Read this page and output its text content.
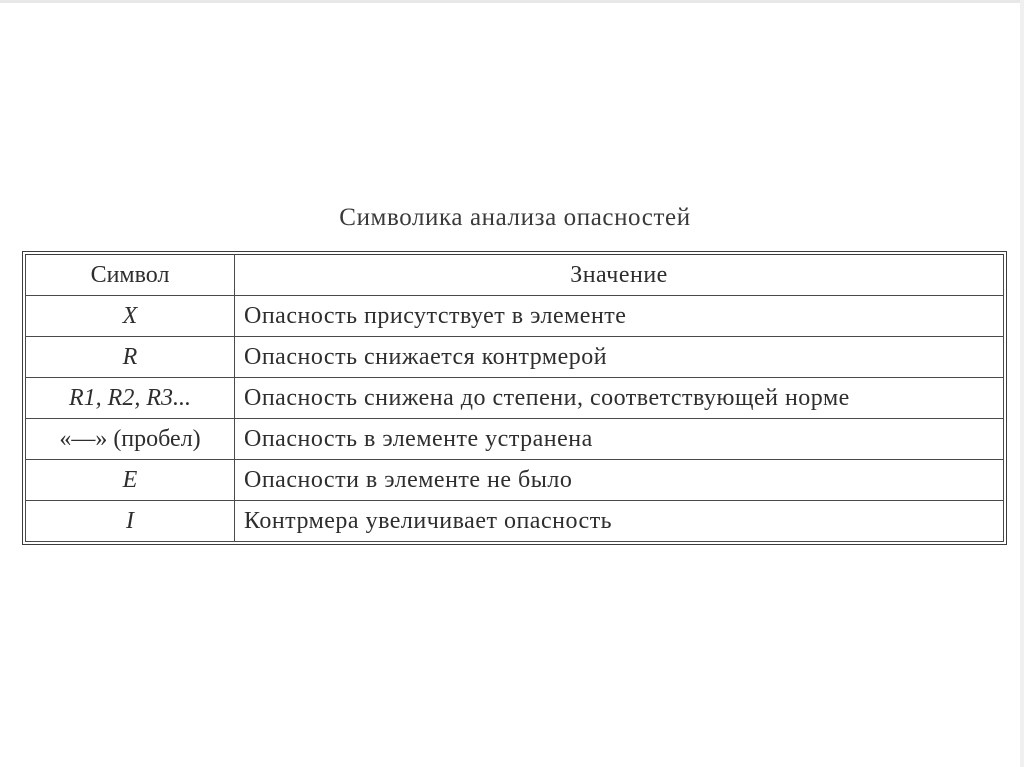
Символика анализа опасностей
Символ	Значение
X	Опасность присутствует в элементе
R	Опасность снижается контрмерой
R1, R2, R3...	Опасность снижена до степени, соответствующей норме
«—» (пробел)	Опасность в элементе устранена
E	Опасности в элементе не было
I	Контрмера увеличивает опасность
